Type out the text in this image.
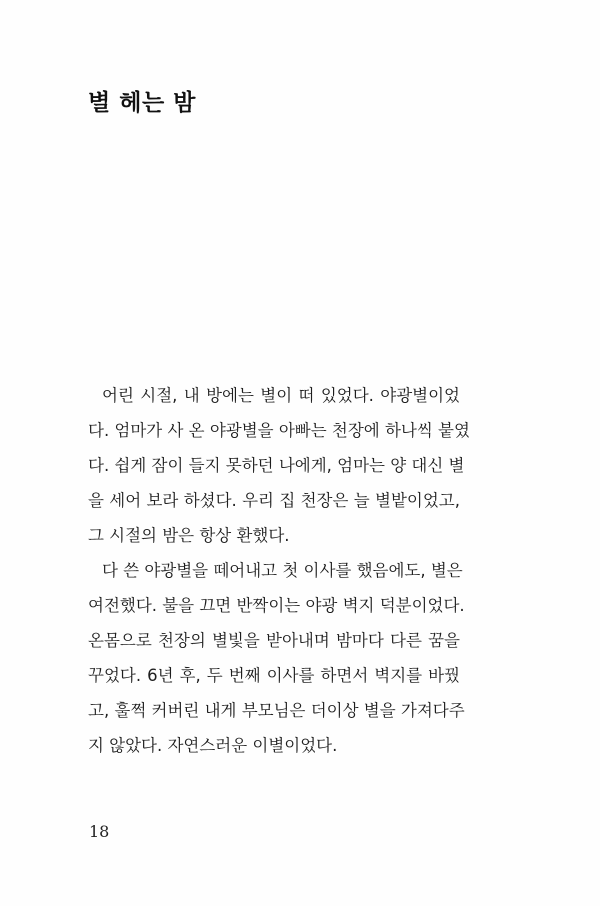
별 헤는 밤
어린 시절, 내 방에는 별이 떠 있었다. 야광별이었
다. 엄마가 사 온 야광별을 아빠는 천장에 하나씩 붙였
다. 쉽게 잠이 들지 못하던 나에게, 엄마는 양 대신 별
을 세어 보라 하셨다. 우리 집 천장은 늘 별밭이었고,
그 시절의 밤은 항상 환했다.
다 쓴 야광별을 떼어내고 첫 이사를 했음에도, 별은
여전했다. 불을 끄면 반짝이는 야광 벽지 덕분이었다.
온몸으로 천장의 별빛을 받아내며 밤마다 다른 꿈을
꾸었다. 6년 후, 두 번째 이사를 하면서 벽지를 바꿨
고, 훌쩍 커버린 내게 부모님은 더이상 별을 가져다주
지 않았다. 자연스러운 이별이었다.
18
